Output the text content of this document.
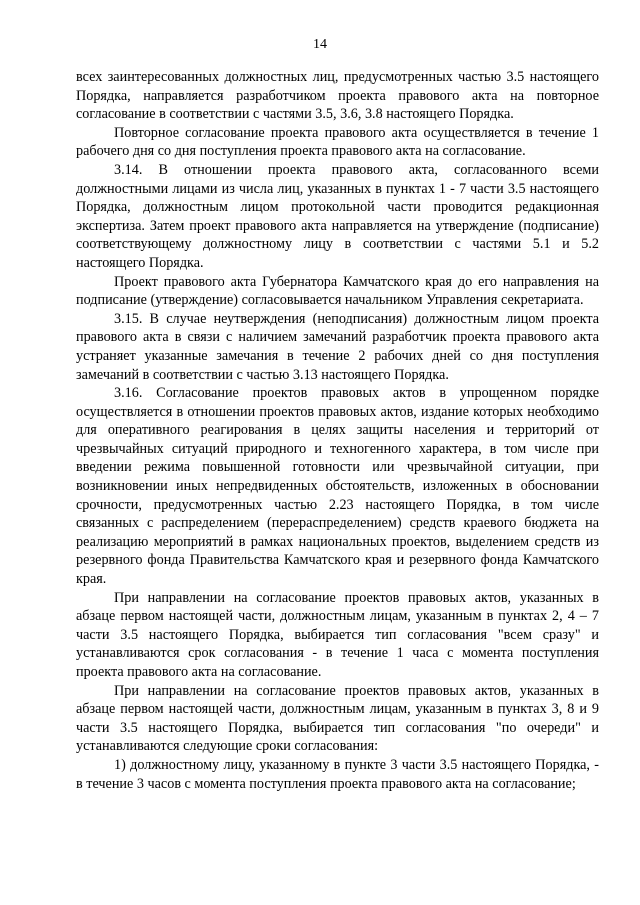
14

всех заинтересованных должностных лиц, предусмотренных частью 3.5 настоящего Порядка, направляется разработчиком проекта правового акта на повторное согласование в соответствии с частями 3.5, 3.6, 3.8 настоящего Порядка.

Повторное согласование проекта правового акта осуществляется в течение 1 рабочего дня со дня поступления проекта правового акта на согласование.

3.14. В отношении проекта правового акта, согласованного всеми должностными лицами из числа лиц, указанных в пунктах 1 - 7 части 3.5 настоящего Порядка, должностным лицом протокольной части проводится редакционная экспертиза. Затем проект правового акта направляется на утверждение (подписание) соответствующему должностному лицу в соответствии с частями 5.1 и 5.2 настоящего Порядка.

Проект правового акта Губернатора Камчатского края до его направления на подписание (утверждение) согласовывается начальником Управления секретариата.

3.15. В случае неутверждения (неподписания) должностным лицом проекта правового акта в связи с наличием замечаний разработчик проекта правового акта устраняет указанные замечания в течение 2 рабочих дней со дня поступления замечаний в соответствии с частью 3.13 настоящего Порядка.

3.16. Согласование проектов правовых актов в упрощенном порядке осуществляется в отношении проектов правовых актов, издание которых необходимо для оперативного реагирования в целях защиты населения и территорий от чрезвычайных ситуаций природного и техногенного характера, в том числе при введении режима повышенной готовности или чрезвычайной ситуации, при возникновении иных непредвиденных обстоятельств, изложенных в обосновании срочности, предусмотренных частью 2.23 настоящего Порядка, в том числе связанных с распределением (перераспределением) средств краевого бюджета на реализацию мероприятий в рамках национальных проектов, выделением средств из резервного фонда Правительства Камчатского края и резервного фонда Камчатского края.

При направлении на согласование проектов правовых актов, указанных в абзаце первом настоящей части, должностным лицам, указанным в пунктах 2, 4 – 7 части 3.5 настоящего Порядка, выбирается тип согласования "всем сразу" и устанавливаются срок согласования - в течение 1 часа с момента поступления проекта правового акта на согласование.

При направлении на согласование проектов правовых актов, указанных в абзаце первом настоящей части, должностным лицам, указанным в пунктах 3, 8 и 9 части 3.5 настоящего Порядка, выбирается тип согласования "по очереди" и устанавливаются следующие сроки согласования:

1) должностному лицу, указанному в пункте 3 части 3.5 настоящего Порядка, - в течение 3 часов с момента поступления проекта правового акта на согласование;
